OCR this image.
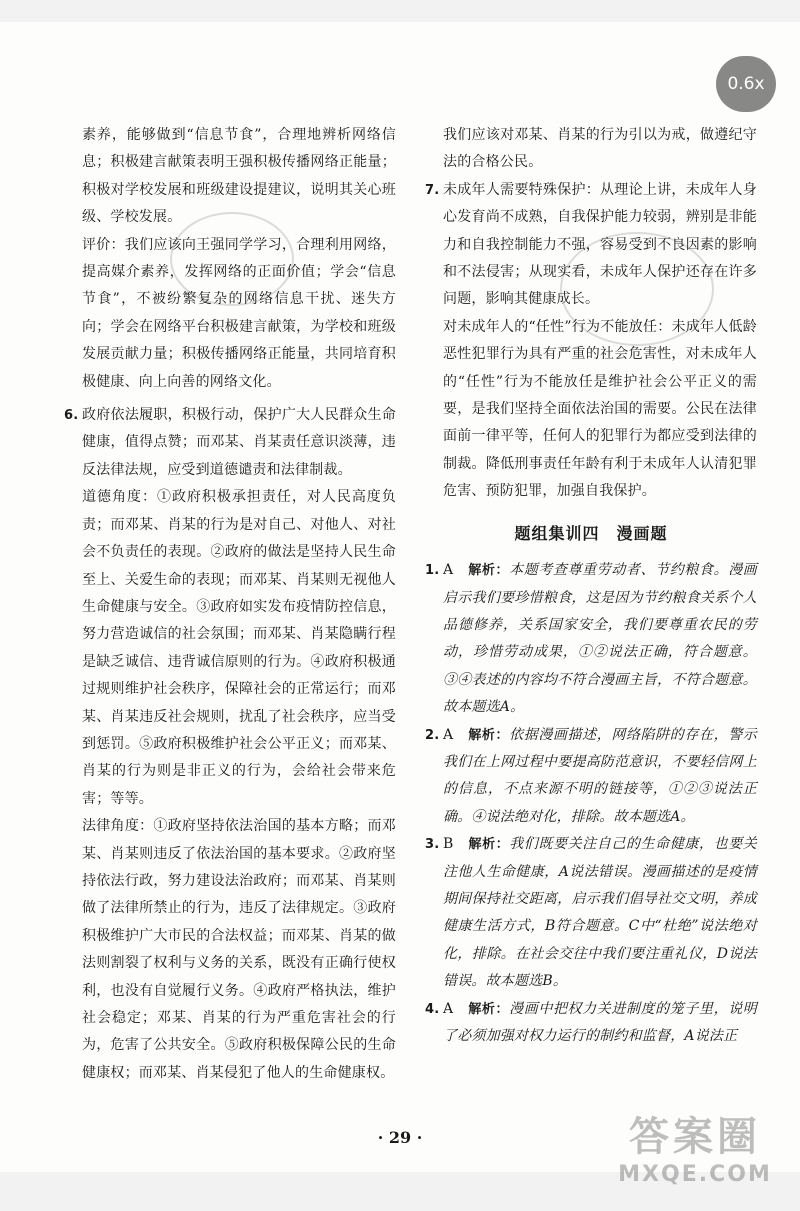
0.6x

素养，能够做到“信息节食”，合理地辨析网络信息；积极建言献策表明王强积极传播网络正能量；积极对学校发展和班级建设提建议，说明其关心班级、学校发展。

评价：我们应该向王强同学学习，合理利用网络，提高媒介素养，发挥网络的正面价值；学会“信息节食”，不被纷繁复杂的网络信息干扰、迷失方向；学会在网络平台积极建言献策，为学校和班级发展贡献力量；积极传播网络正能量，共同培育积极健康、向上向善的网络文化。

6. 政府依法履职，积极行动，保护广大人民群众生命健康，值得点赞；而邓某、肖某责任意识淡薄，违反法律法规，应受到道德谴责和法律制裁。

道德角度：①政府积极承担责任，对人民高度负责；而邓某、肖某的行为是对自己、对他人、对社会不负责任的表现。②政府的做法是坚持人民生命至上、关爱生命的表现；而邓某、肖某则无视他人生命健康与安全。③政府如实发布疫情防控信息，努力营造诚信的社会氛围；而邓某、肖某隐瞒行程是缺乏诚信、违背诚信原则的行为。④政府积极通过规则维护社会秩序，保障社会的正常运行；而邓某、肖某违反社会规则，扰乱了社会秩序，应当受到惩罚。⑤政府积极维护社会公平正义；而邓某、肖某的行为则是非正义的行为，会给社会带来危害；等等。

法律角度：①政府坚持依法治国的基本方略；而邓某、肖某则违反了依法治国的基本要求。②政府坚持依法行政，努力建设法治政府；而邓某、肖某则做了法律所禁止的行为，违反了法律规定。③政府积极维护广大市民的合法权益；而邓某、肖某的做法则割裂了权利与义务的关系，既没有正确行使权利，也没有自觉履行义务。④政府严格执法，维护社会稳定；邓某、肖某的行为严重危害社会的行为，危害了公共安全。⑤政府积极保障公民的生命健康权；而邓某、肖某侵犯了他人的生命健康权。

我们应该对邓某、肖某的行为引以为戒，做遵纪守法的合格公民。

7. 未成年人需要特殊保护：从理论上讲，未成年人身心发育尚不成熟，自我保护能力较弱，辨别是非能力和自我控制能力不强，容易受到不良因素的影响和不法侵害；从现实看，未成年人保护还存在许多问题，影响其健康成长。

对未成年人的“任性”行为不能放任：未成年人低龄恶性犯罪行为具有严重的社会危害性，对未成年人的“任性”行为不能放任是维护社会公平正义的需要，是我们坚持全面依法治国的需要。公民在法律面前一律平等，任何人的犯罪行为都应受到法律的制裁。降低刑事责任年龄有利于未成年人认清犯罪危害、预防犯罪，加强自我保护。

题组集训四　漫画题
1. A　 解析：本题考查尊重劳动者、节约粮食。漫画启示我们要珍惜粮食，这是因为节约粮食关系个人品德修养，关系国家安全，我们要尊重农民的劳动，珍惜劳动成果，①②说法正确，符合题意。③④表述的内容均不符合漫画主旨，不符合题意。故本题选A。

2. A　 解析：依据漫画描述，网络陷阱的存在，警示我们在上网过程中要提高防范意识，不要轻信网上的信息，不点来源不明的链接等，①②③说法正确。④说法绝对化，排除。故本题选A。

3. B　 解析：我们既要关注自己的生命健康，也要关注他人生命健康，A说法错误。漫画描述的是疫情期间保持社交距离，启示我们倡导社交文明，养成健康生活方式，B符合题意。C中“杜绝”说法绝对化，排除。在社会交往中我们要注重礼仪，D说法错误。故本题选B。

4. A　 解析：漫画中把权力关进制度的笼子里，说明了必须加强对权力运行的制约和监督，A说法正

· 29 ·	答案圈
MXQE.COM
